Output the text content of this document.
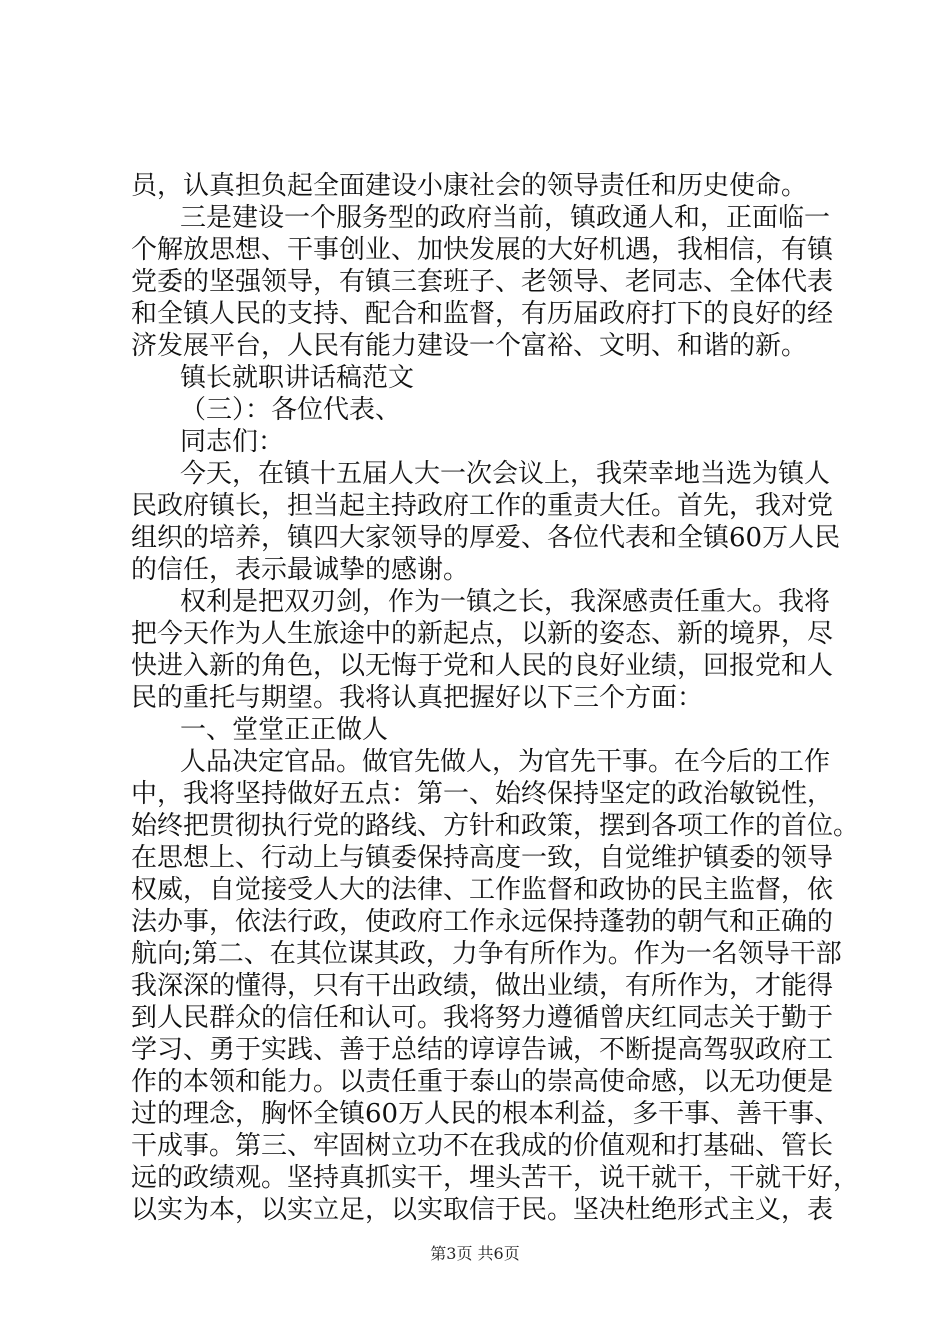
员，认真担负起全面建设小康社会的领导责任和历史使命。
三是建设一个服务型的政府当前，镇政通人和，正面临一
个解放思想、干事创业、加快发展的大好机遇，我相信，有镇
党委的坚强领导，有镇三套班子、老领导、老同志、全体代表
和全镇人民的支持、配合和监督，有历届政府打下的良好的经
济发展平台，人民有能力建设一个富裕、文明、和谐的新。
镇长就职讲话稿范文
（三）：各位代表、
同志们：
今天，在镇十五届人大一次会议上，我荣幸地当选为镇人
民政府镇长，担当起主持政府工作的重责大任。首先，我对党
组织的培养，镇四大家领导的厚爱、各位代表和全镇60万人民
的信任，表示最诚挚的感谢。
权利是把双刃剑，作为一镇之长，我深感责任重大。我将
把今天作为人生旅途中的新起点，以新的姿态、新的境界，尽
快进入新的角色，以无悔于党和人民的良好业绩，回报党和人
民的重托与期望。我将认真把握好以下三个方面：
一、堂堂正正做人
人品决定官品。做官先做人，为官先干事。在今后的工作
中，我将坚持做好五点：第一、始终保持坚定的政治敏锐性，
始终把贯彻执行党的路线、方针和政策，摆到各项工作的首位。
在思想上、行动上与镇委保持高度一致，自觉维护镇委的领导
权威，自觉接受人大的法律、工作监督和政协的民主监督，依
法办事，依法行政，使政府工作永远保持蓬勃的朝气和正确的
航向;第二、在其位谋其政，力争有所作为。作为一名领导干部
我深深的懂得，只有干出政绩，做出业绩，有所作为，才能得
到人民群众的信任和认可。我将努力遵循曾庆红同志关于勤于
学习、勇于实践、善于总结的谆谆告诫，不断提高驾驭政府工
作的本领和能力。以责任重于泰山的崇高使命感，以无功便是
过的理念，胸怀全镇60万人民的根本利益，多干事、善干事、
干成事。第三、牢固树立功不在我成的价值观和打基础、管长
远的政绩观。坚持真抓实干，埋头苦干，说干就干，干就干好，
以实为本，以实立足，以实取信于民。坚决杜绝形式主义，表
第3页 共6页
